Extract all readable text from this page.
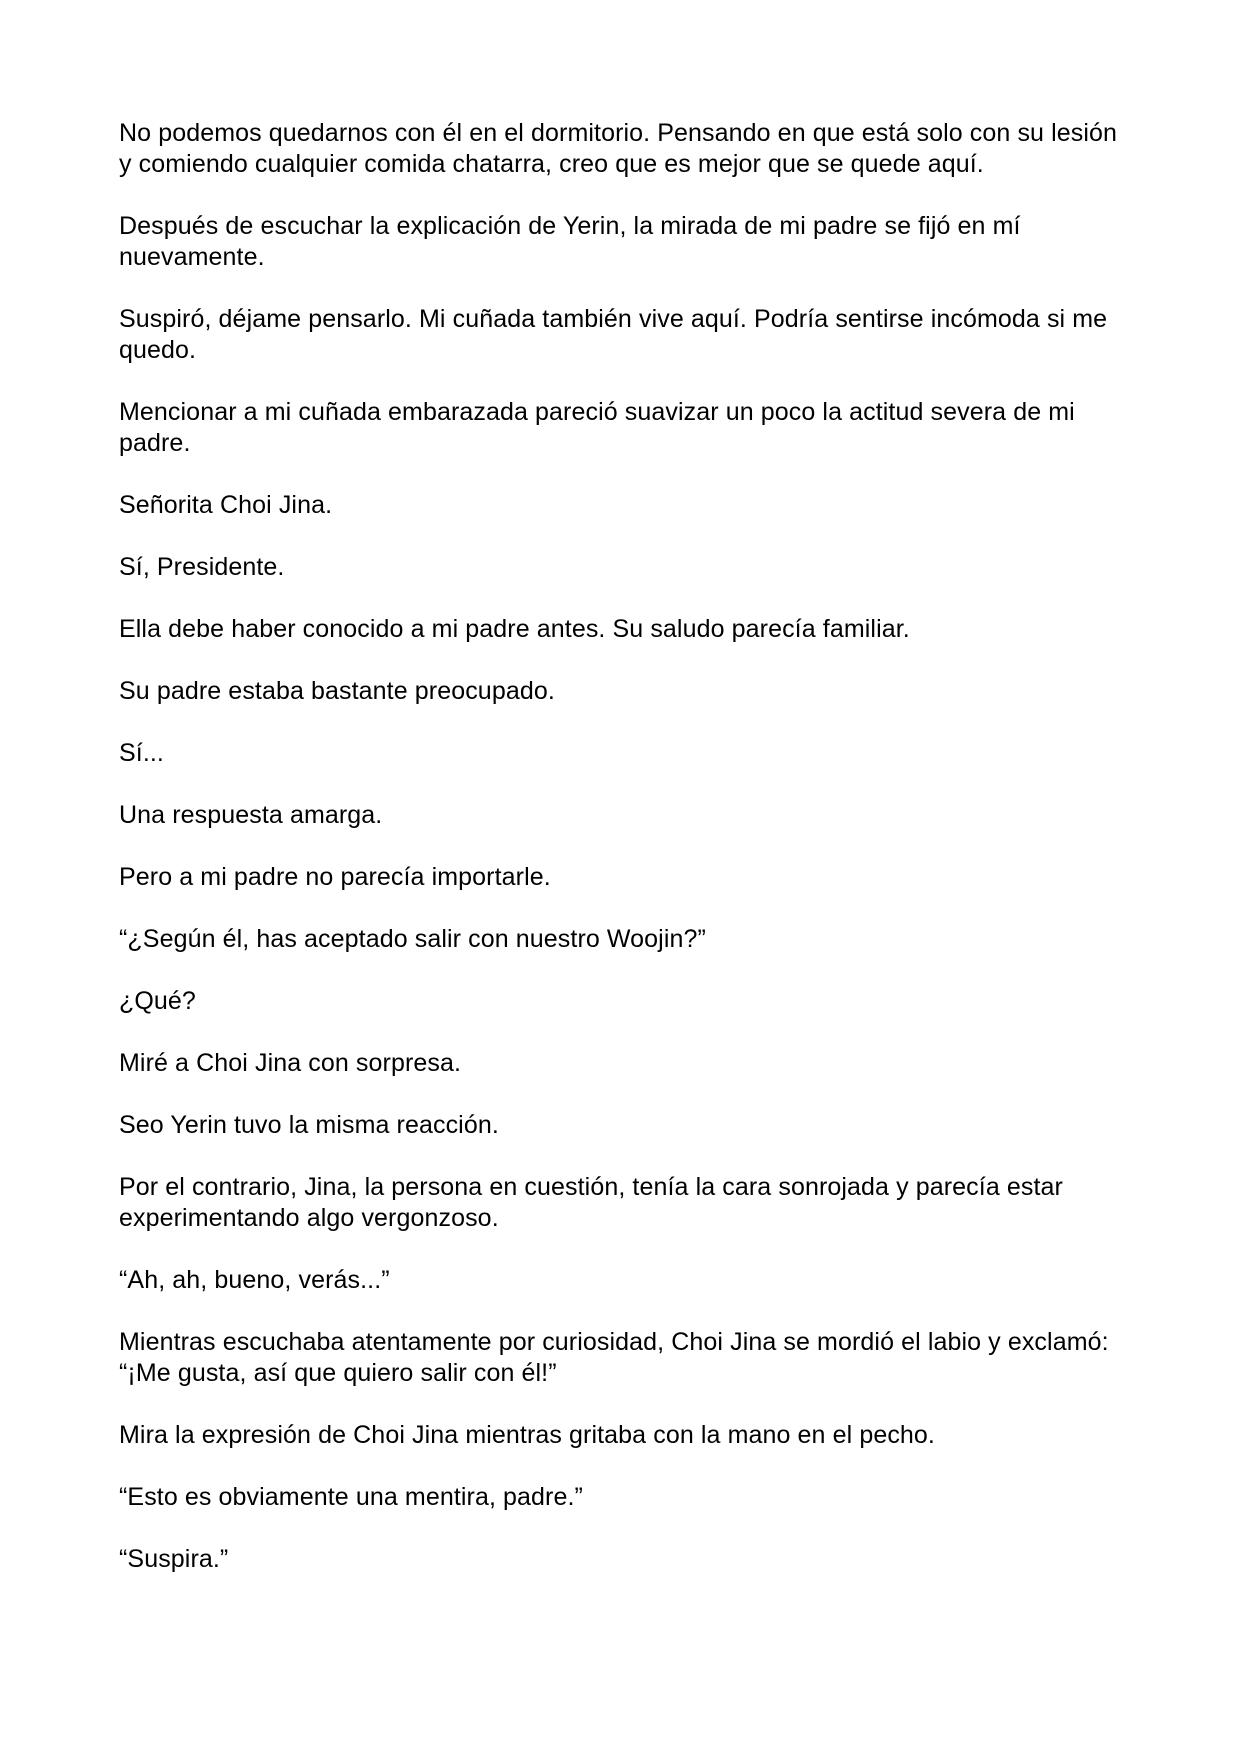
No podemos quedarnos con él en el dormitorio. Pensando en que está solo con su lesión y comiendo cualquier comida chatarra, creo que es mejor que se quede aquí.

Después de escuchar la explicación de Yerin, la mirada de mi padre se fijó en mí nuevamente.

Suspiró, déjame pensarlo. Mi cuñada también vive aquí. Podría sentirse incómoda si me quedo.

Mencionar a mi cuñada embarazada pareció suavizar un poco la actitud severa de mi padre.

Señorita Choi Jina.

Sí, Presidente.

Ella debe haber conocido a mi padre antes. Su saludo parecía familiar.

Su padre estaba bastante preocupado.

Sí...

Una respuesta amarga.

Pero a mi padre no parecía importarle.

“¿Según él, has aceptado salir con nuestro Woojin?”

¿Qué?

Miré a Choi Jina con sorpresa.

Seo Yerin tuvo la misma reacción.

Por el contrario, Jina, la persona en cuestión, tenía la cara sonrojada y parecía estar experimentando algo vergonzoso.

“Ah, ah, bueno, verás...”

Mientras escuchaba atentamente por curiosidad, Choi Jina se mordió el labio y exclamó: “¡Me gusta, así que quiero salir con él!”

Mira la expresión de Choi Jina mientras gritaba con la mano en el pecho.

“Esto es obviamente una mentira, padre.”

“Suspira.”
